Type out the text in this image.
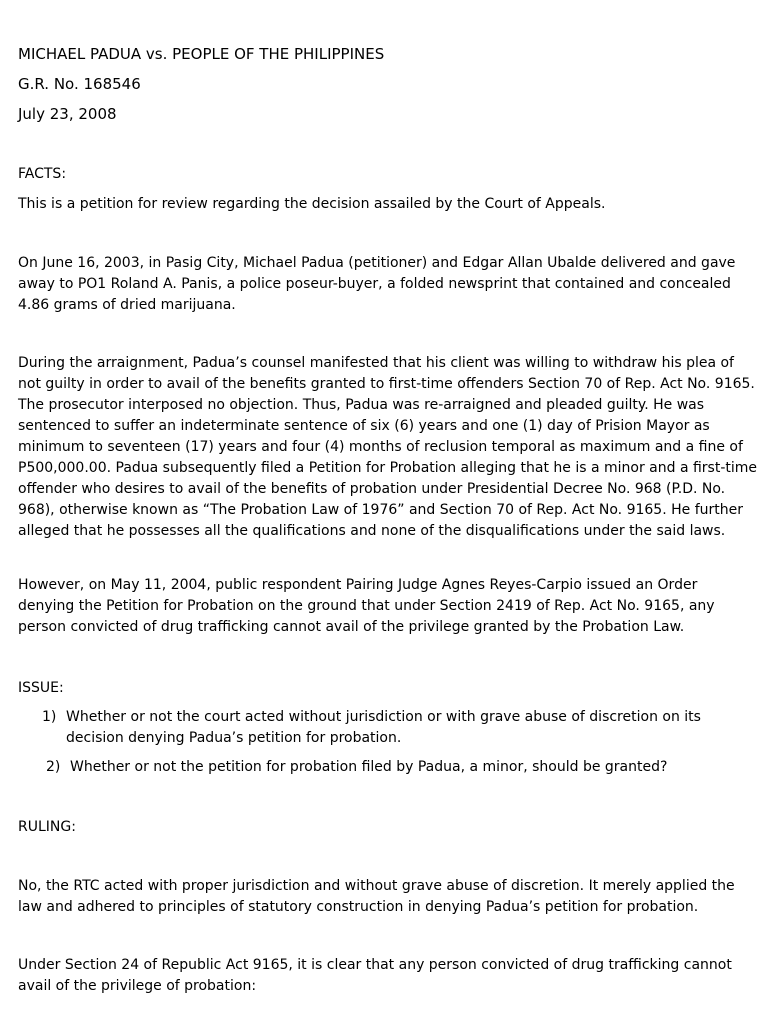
MICHAEL PADUA vs. PEOPLE OF THE PHILIPPINES
G.R. No. 168546
July 23, 2008
FACTS:

This is a petition for review regarding the decision assailed by the Court of Appeals.

On June 16, 2003, in Pasig City, Michael Padua (petitioner) and Edgar Allan Ubalde delivered and gave away to PO1 Roland A. Panis, a police poseur-buyer, a folded newsprint that contained and concealed 4.86 grams of dried marijuana.

During the arraignment, Padua’s counsel manifested that his client was willing to withdraw his plea of not guilty in order to avail of the benefits granted to first-time offenders Section 70 of Rep. Act No. 9165. The prosecutor interposed no objection. Thus, Padua was re-arraigned and pleaded guilty. He was sentenced to suffer an indeterminate sentence of six (6) years and one (1) day of Prision Mayor as minimum to seventeen (17) years and four (4) months of reclusion temporal as maximum and a fine of P500,000.00. Padua subsequently filed a Petition for Probation alleging that he is a minor and a first-time offender who desires to avail of the benefits of probation under Presidential Decree No. 968 (P.D. No. 968), otherwise known as “The Probation Law of 1976” and Section 70 of Rep. Act No. 9165. He further alleged that he possesses all the qualifications and none of the disqualifications under the said laws.

However, on May 11, 2004, public respondent Pairing Judge Agnes Reyes-Carpio issued an Order denying the Petition for Probation on the ground that under Section 2419 of Rep. Act No. 9165, any person convicted of drug trafficking cannot avail of the privilege granted by the Probation Law.

ISSUE:
1) Whether or not the court acted without jurisdiction or with grave abuse of discretion on its decision denying Padua’s petition for probation.
2) Whether or not the petition for probation filed by Padua, a minor, should be granted?
RULING:

No, the RTC acted with proper jurisdiction and without grave abuse of discretion. It merely applied the law and adhered to principles of statutory construction in denying Padua’s petition for probation.

Under Section 24 of Republic Act 9165, it is clear that any person convicted of drug trafficking cannot avail of the privilege of probation:
